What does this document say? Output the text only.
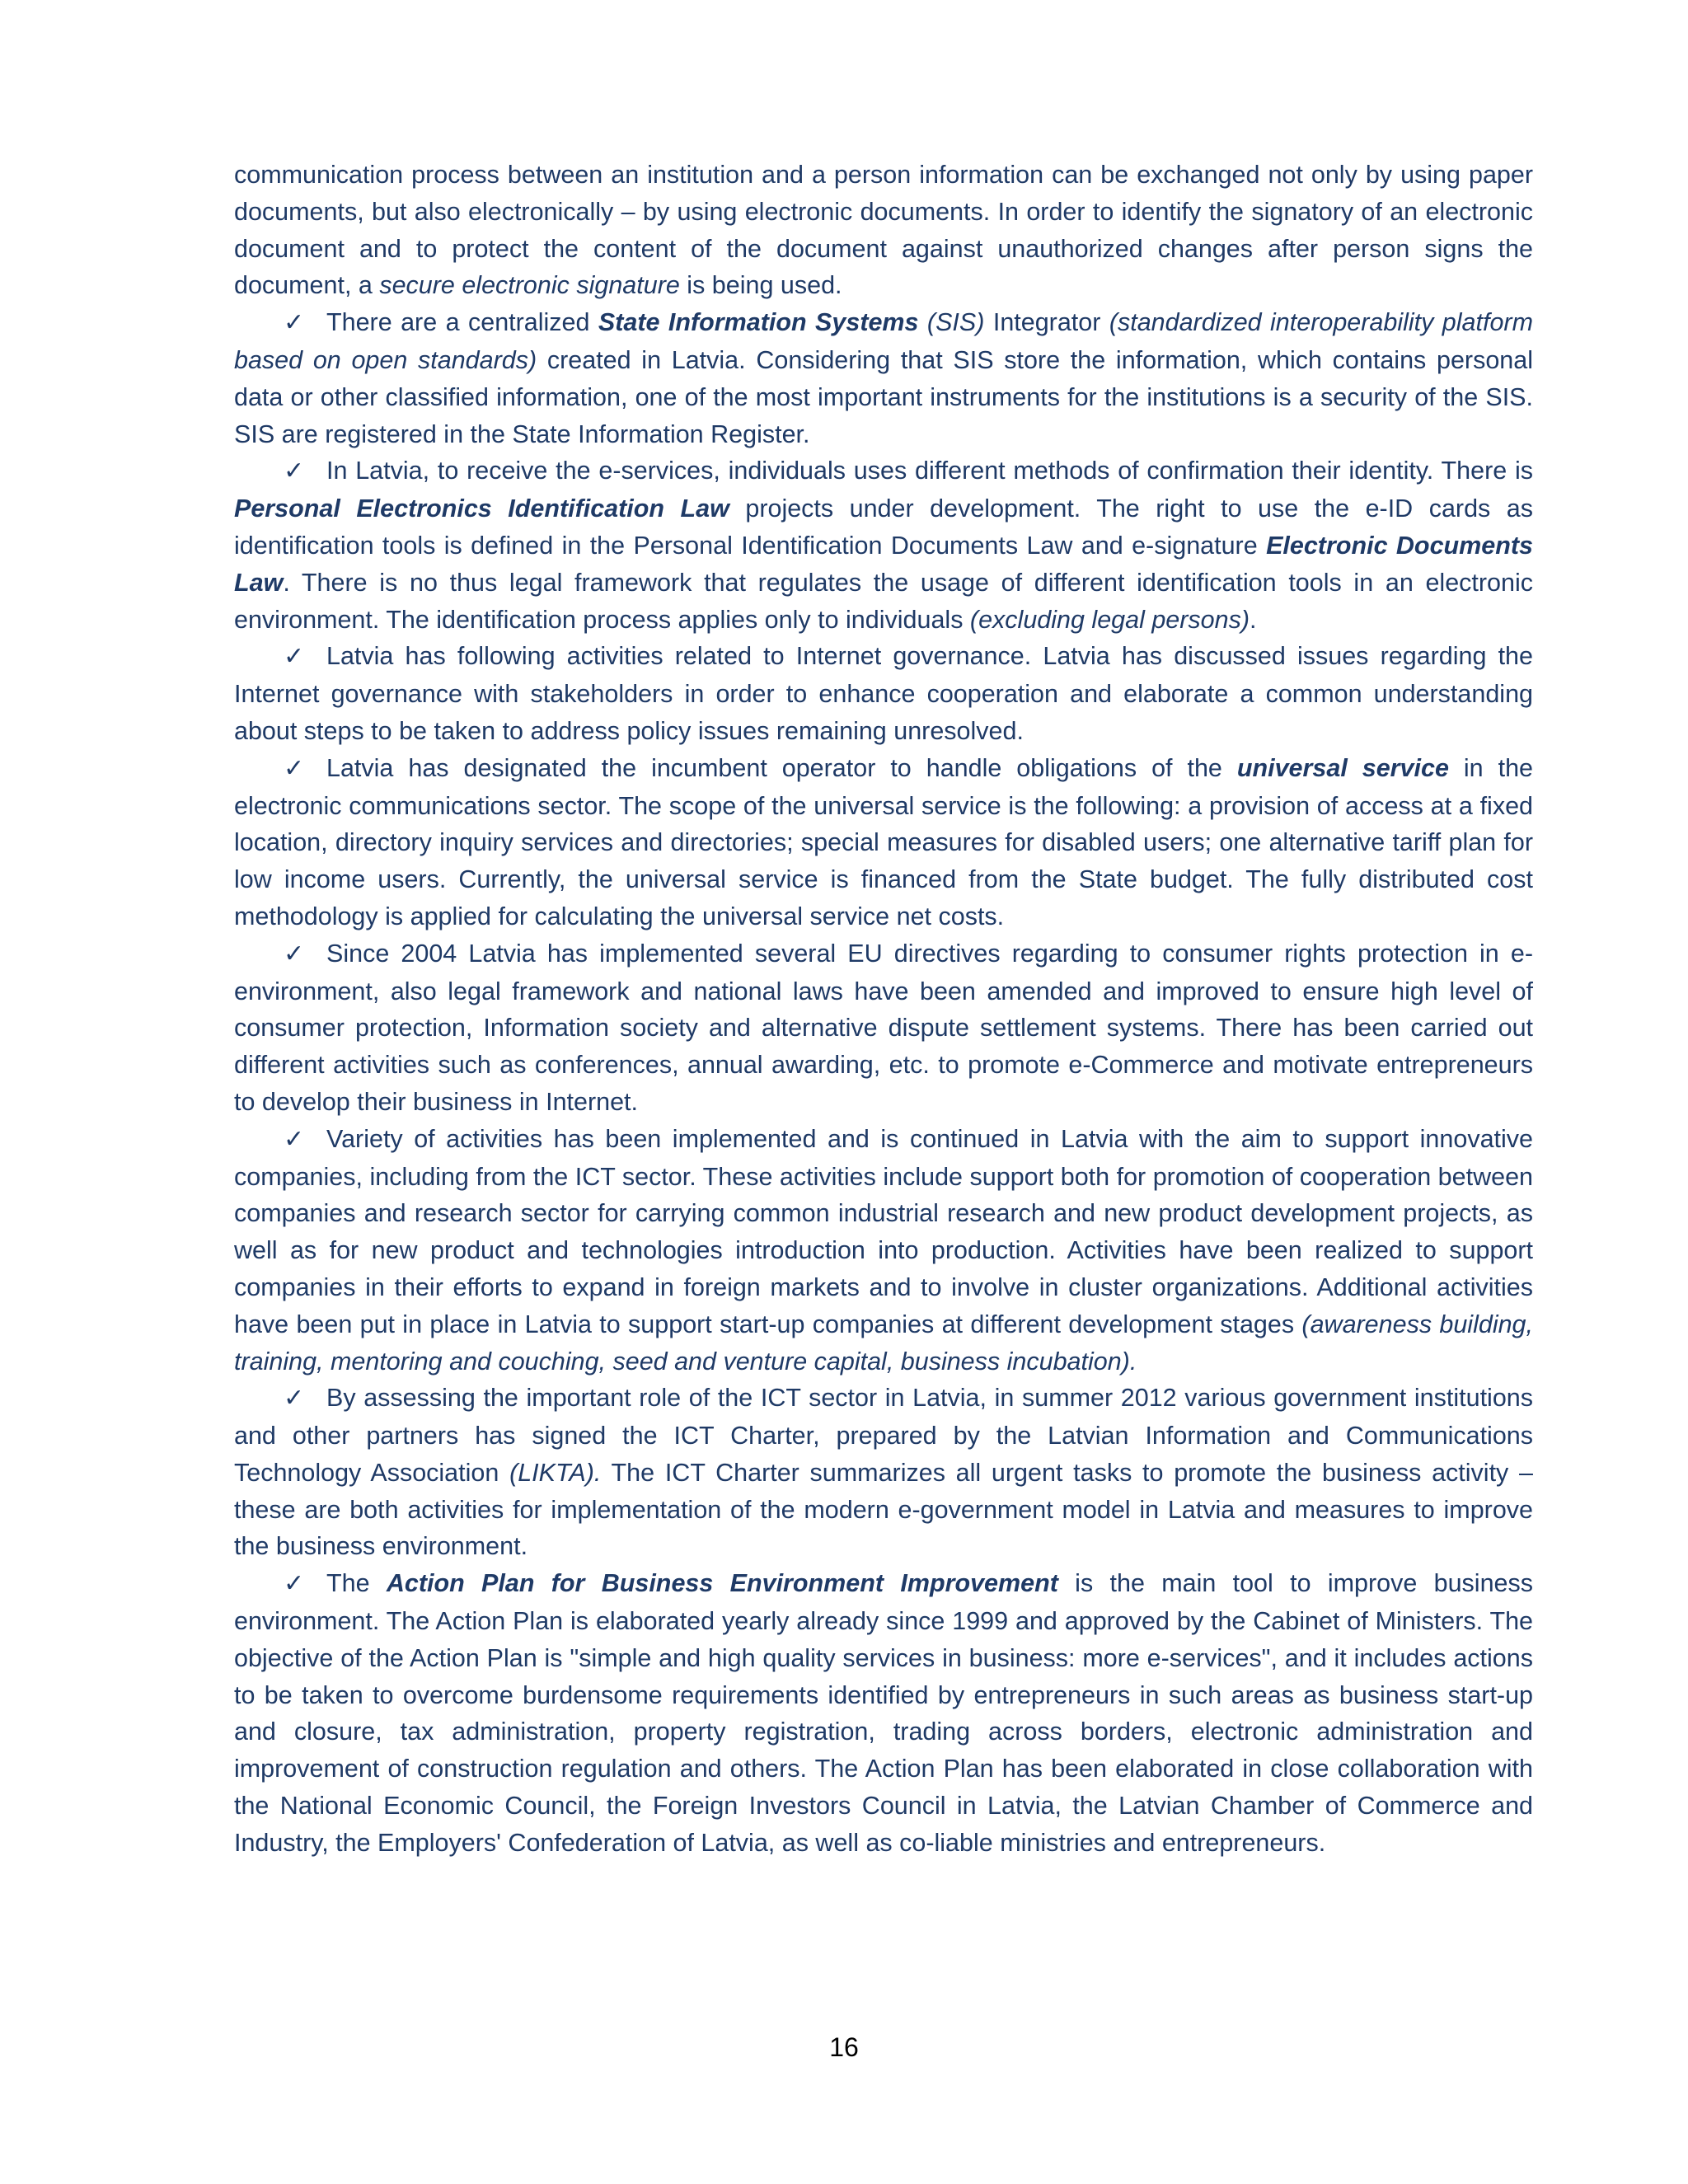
communication process between an institution and a person information can be exchanged not only by using paper documents, but also electronically – by using electronic documents. In order to identify the signatory of an electronic document and to protect the content of the document against unauthorized changes after person signs the document, a secure electronic signature is being used.

✓ There are a centralized State Information Systems (SIS) Integrator (standardized interoperability platform based on open standards) created in Latvia. Considering that SIS store the information, which contains personal data or other classified information, one of the most important instruments for the institutions is a security of the SIS. SIS are registered in the State Information Register.

✓ In Latvia, to receive the e-services, individuals uses different methods of confirmation their identity. There is Personal Electronics Identification Law projects under development. The right to use the e-ID cards as identification tools is defined in the Personal Identification Documents Law and e-signature Electronic Documents Law. There is no thus legal framework that regulates the usage of different identification tools in an electronic environment. The identification process applies only to individuals (excluding legal persons).

✓ Latvia has following activities related to Internet governance. Latvia has discussed issues regarding the Internet governance with stakeholders in order to enhance cooperation and elaborate a common understanding about steps to be taken to address policy issues remaining unresolved.

✓ Latvia has designated the incumbent operator to handle obligations of the universal service in the electronic communications sector. The scope of the universal service is the following: a provision of access at a fixed location, directory inquiry services and directories; special measures for disabled users; one alternative tariff plan for low income users. Currently, the universal service is financed from the State budget. The fully distributed cost methodology is applied for calculating the universal service net costs.

✓ Since 2004 Latvia has implemented several EU directives regarding to consumer rights protection in e-environment, also legal framework and national laws have been amended and improved to ensure high level of consumer protection, Information society and alternative dispute settlement systems. There has been carried out different activities such as conferences, annual awarding, etc. to promote e-Commerce and motivate entrepreneurs to develop their business in Internet.

✓ Variety of activities has been implemented and is continued in Latvia with the aim to support innovative companies, including from the ICT sector. These activities include support both for promotion of cooperation between companies and research sector for carrying common industrial research and new product development projects, as well as for new product and technologies introduction into production. Activities have been realized to support companies in their efforts to expand in foreign markets and to involve in cluster organizations. Additional activities have been put in place in Latvia to support start-up companies at different development stages (awareness building, training, mentoring and couching, seed and venture capital, business incubation).

✓ By assessing the important role of the ICT sector in Latvia, in summer 2012 various government institutions and other partners has signed the ICT Charter, prepared by the Latvian Information and Communications Technology Association (LIKTA). The ICT Charter summarizes all urgent tasks to promote the business activity – these are both activities for implementation of the modern e-government model in Latvia and measures to improve the business environment.

✓ The Action Plan for Business Environment Improvement is the main tool to improve business environment. The Action Plan is elaborated yearly already since 1999 and approved by the Cabinet of Ministers. The objective of the Action Plan is "simple and high quality services in business: more e-services", and it includes actions to be taken to overcome burdensome requirements identified by entrepreneurs in such areas as business start-up and closure, tax administration, property registration, trading across borders, electronic administration and improvement of construction regulation and others. The Action Plan has been elaborated in close collaboration with the National Economic Council, the Foreign Investors Council in Latvia, the Latvian Chamber of Commerce and Industry, the Employers' Confederation of Latvia, as well as co-liable ministries and entrepreneurs.

16
